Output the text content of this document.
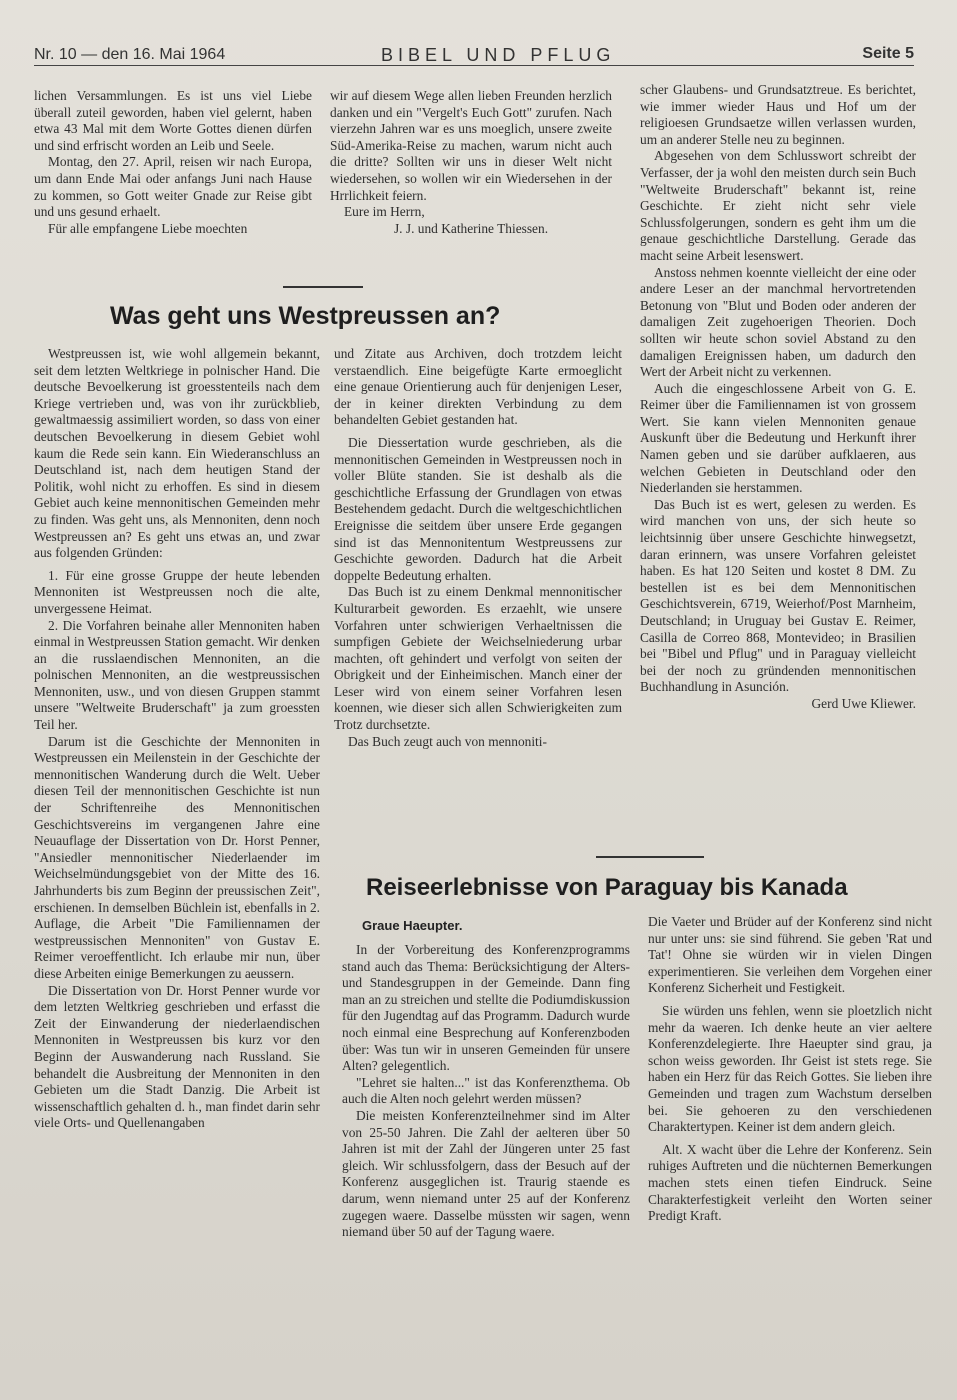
Nr. 10 — den 16. Mai 1964	BIBEL UND PFLUG	Seite 5

lichen Versammlungen. Es ist uns viel Liebe überall zuteil geworden, haben viel gelernt, haben etwa 43 Mal mit dem Worte Gottes dienen dürfen und sind erfrischt worden an Leib und Seele.

Montag, den 27. April, reisen wir nach Europa, um dann Ende Mai oder anfangs Juni nach Hause zu kommen, so Gott weiter Gnade zur Reise gibt und uns gesund erhaelt.

Für alle empfangene Liebe moechten

wir auf diesem Wege allen lieben Freunden herzlich danken und ein "Vergelt's Euch Gott" zurufen. Nach vierzehn Jahren war es uns moeglich, unsere zweite Süd-Amerika-Reise zu machen, warum nicht auch die dritte? Sollten wir uns in dieser Welt nicht wiedersehen, so wollen wir ein Wiedersehen in der Hrrlichkeit feiern.

Eure im Herrn,

J. J. und Katherine Thiessen.

Was geht uns Westpreussen an?

Westpreussen ist, wie wohl allgemein bekannt, seit dem letzten Weltkriege in polnischer Hand. Die deutsche Bevoelkerung ist groesstenteils nach dem Kriege vertrieben und, was von ihr zurückblieb, gewaltmaessig assimiliert worden, so dass von einer deutschen Bevoelkerung in diesem Gebiet wohl kaum die Rede sein kann. Ein Wiederanschluss an Deutschland ist, nach dem heutigen Stand der Politik, wohl nicht zu erhoffen. Es sind in diesem Gebiet auch keine mennonitischen Gemeinden mehr zu finden. Was geht uns, als Mennoniten, denn noch Westpreussen an? Es geht uns etwas an, und zwar aus folgenden Gründen:

1. Für eine grosse Gruppe der heute lebenden Mennoniten ist Westpreussen noch die alte, unvergessene Heimat.

2. Die Vorfahren beinahe aller Mennoniten haben einmal in Westpreussen Station gemacht. Wir denken an die russlaendischen Mennoniten, an die polnischen Mennoniten, an die westpreussischen Mennoniten, usw., und von diesen Gruppen stammt unsere "Weltweite Bruderschaft" ja zum groessten Teil her.

Darum ist die Geschichte der Mennoniten in Westpreussen ein Meilenstein in der Geschichte der mennonitischen Wanderung durch die Welt. Ueber diesen Teil der mennonitischen Geschichte ist nun der Schriftenreihe des Mennonitischen Geschichtsvereins im vergangenen Jahre eine Neuauflage der Dissertation von Dr. Horst Penner, "Ansiedler mennonitischer Niederlaender im Weichselmündungsgebiet von der Mitte des 16. Jahrhunderts bis zum Beginn der preussischen Zeit", erschienen. In demselben Büchlein ist, ebenfalls in 2. Auflage, die Arbeit "Die Familiennamen der westpreussischen Mennoniten" von Gustav E. Reimer veroeffentlicht. Ich erlaube mir nun, über diese Arbeiten einige Bemerkungen zu aeussern.

Die Dissertation von Dr. Horst Penner wurde vor dem letzten Weltkrieg geschrieben und erfasst die Zeit der Einwanderung der niederlaendischen Mennoniten in Westpreussen bis kurz vor den Beginn der Auswanderung nach Russland. Sie behandelt die Ausbreitung der Mennoniten in den Gebieten um die Stadt Danzig. Die Arbeit ist wissenschaftlich gehalten d. h., man findet darin sehr viele Orts- und Quellenangaben

und Zitate aus Archiven, doch trotzdem leicht verstaendlich. Eine beigefügte Karte ermoeglicht eine genaue Orientierung auch für denjenigen Leser, der in keiner direkten Verbindung zu dem behandelten Gebiet gestanden hat.

Die Diessertation wurde geschrieben, als die mennonitischen Gemeinden in Westpreussen noch in voller Blüte standen. Sie ist deshalb als die geschichtliche Erfassung der Grundlagen von etwas Bestehendem gedacht. Durch die weltgeschichtlichen Ereignisse die seitdem über unsere Erde gegangen sind ist das Mennonitentum Westpreussens zur Geschichte geworden. Dadurch hat die Arbeit doppelte Bedeutung erhalten.

Das Buch ist zu einem Denkmal mennonitischer Kulturarbeit geworden. Es erzaehlt, wie unsere Vorfahren unter schwierigen Verhaeltnissen die sumpfigen Gebiete der Weichselniederung urbar machten, oft gehindert und verfolgt von seiten der Obrigkeit und der Einheimischen. Manch einer der Leser wird von einem seiner Vorfahren lesen koennen, wie dieser sich allen Schwierigkeiten zum Trotz durchsetzte.

Das Buch zeugt auch von mennoniti-

scher Glaubens- und Grundsatztreue. Es berichtet, wie immer wieder Haus und Hof um der religioesen Grundsaetze willen verlassen wurden, um an anderer Stelle neu zu beginnen.

Abgesehen von dem Schlusswort schreibt der Verfasser, der ja wohl den meisten durch sein Buch "Weltweite Bruderschaft" bekannt ist, reine Geschichte. Er zieht nicht sehr viele Schlussfolgerungen, sondern es geht ihm um die genaue geschichtliche Darstellung. Gerade das macht seine Arbeit lesenswert.

Anstoss nehmen koennte vielleicht der eine oder andere Leser an der manchmal hervortretenden Betonung von "Blut und Boden oder anderen der damaligen Zeit zugehoerigen Theorien. Doch sollten wir heute schon soviel Abstand zu den damaligen Ereignissen haben, um dadurch den Wert der Arbeit nicht zu verkennen.

Auch die eingeschlossene Arbeit von G. E. Reimer über die Familiennamen ist von grossem Wert. Sie kann vielen Mennoniten genaue Auskunft über die Bedeutung und Herkunft ihrer Namen geben und sie darüber aufklaeren, aus welchen Gebieten in Deutschland oder den Niederlanden sie herstammen.

Das Buch ist es wert, gelesen zu werden. Es wird manchen von uns, der sich heute so leichtsinnig über unsere Geschichte hinwegsetzt, daran erinnern, was unsere Vorfahren geleistet haben. Es hat 120 Seiten und kostet 8 DM. Zu bestellen ist es bei dem Mennonitischen Geschichtsverein, 6719, Weierhof/Post Marnheim, Deutschland; in Uruguay bei Gustav E. Reimer, Casilla de Correo 868, Montevideo; in Brasilien bei "Bibel und Pflug" und in Paraguay vielleicht bei der noch zu gründenden mennonitischen Buchhandlung in Asunción.

Gerd Uwe Kliewer.

Reiseerlebnisse von Paraguay bis Kanada
Graue Haeupter.

In der Vorbereitung des Konferenzprogramms stand auch das Thema: Berücksichtigung der Alters- und Standesgruppen in der Gemeinde. Dann fing man an zu streichen und stellte die Podiumdiskussion für den Jugendtag auf das Programm. Dadurch wurde noch einmal eine Besprechung auf Konferenzboden über: Was tun wir in unseren Gemeinden für unsere Alten? gelegentlich.

"Lehret sie halten..." ist das Konferenzthema. Ob auch die Alten noch gelehrt werden müssen?

Die meisten Konferenzteilnehmer sind im Alter von 25-50 Jahren. Die Zahl der aelteren über 50 Jahren ist mit der Zahl der Jüngeren unter 25 fast gleich. Wir schlussfolgern, dass der Besuch auf der Konferenz ausgeglichen ist. Traurig staende es darum, wenn niemand unter 25 auf der Konferenz zugegen waere. Dasselbe müssten wir sagen, wenn niemand über 50 auf der Tagung waere.

Die Vaeter und Brüder auf der Konferenz sind nicht nur unter uns: sie sind führend. Sie geben 'Rat und Tat'! Ohne sie würden wir in vielen Dingen experimentieren. Sie verleihen dem Vorgehen einer Konferenz Sicherheit und Festigkeit.

Sie würden uns fehlen, wenn sie ploetzlich nicht mehr da waeren. Ich denke heute an vier aeltere Konferenzdelegierte. Ihre Haeupter sind grau, ja schon weiss geworden. Ihr Geist ist stets rege. Sie haben ein Herz für das Reich Gottes. Sie lieben ihre Gemeinden und tragen zum Wachstum derselben bei. Sie gehoeren zu den verschiedenen Charaktertypen. Keiner ist dem andern gleich.

Alt. X wacht über die Lehre der Konferenz. Sein ruhiges Auftreten und die nüchternen Bemerkungen machen stets einen tiefen Eindruck. Seine Charakterfestigkeit verleiht den Worten seiner Predigt Kraft.
